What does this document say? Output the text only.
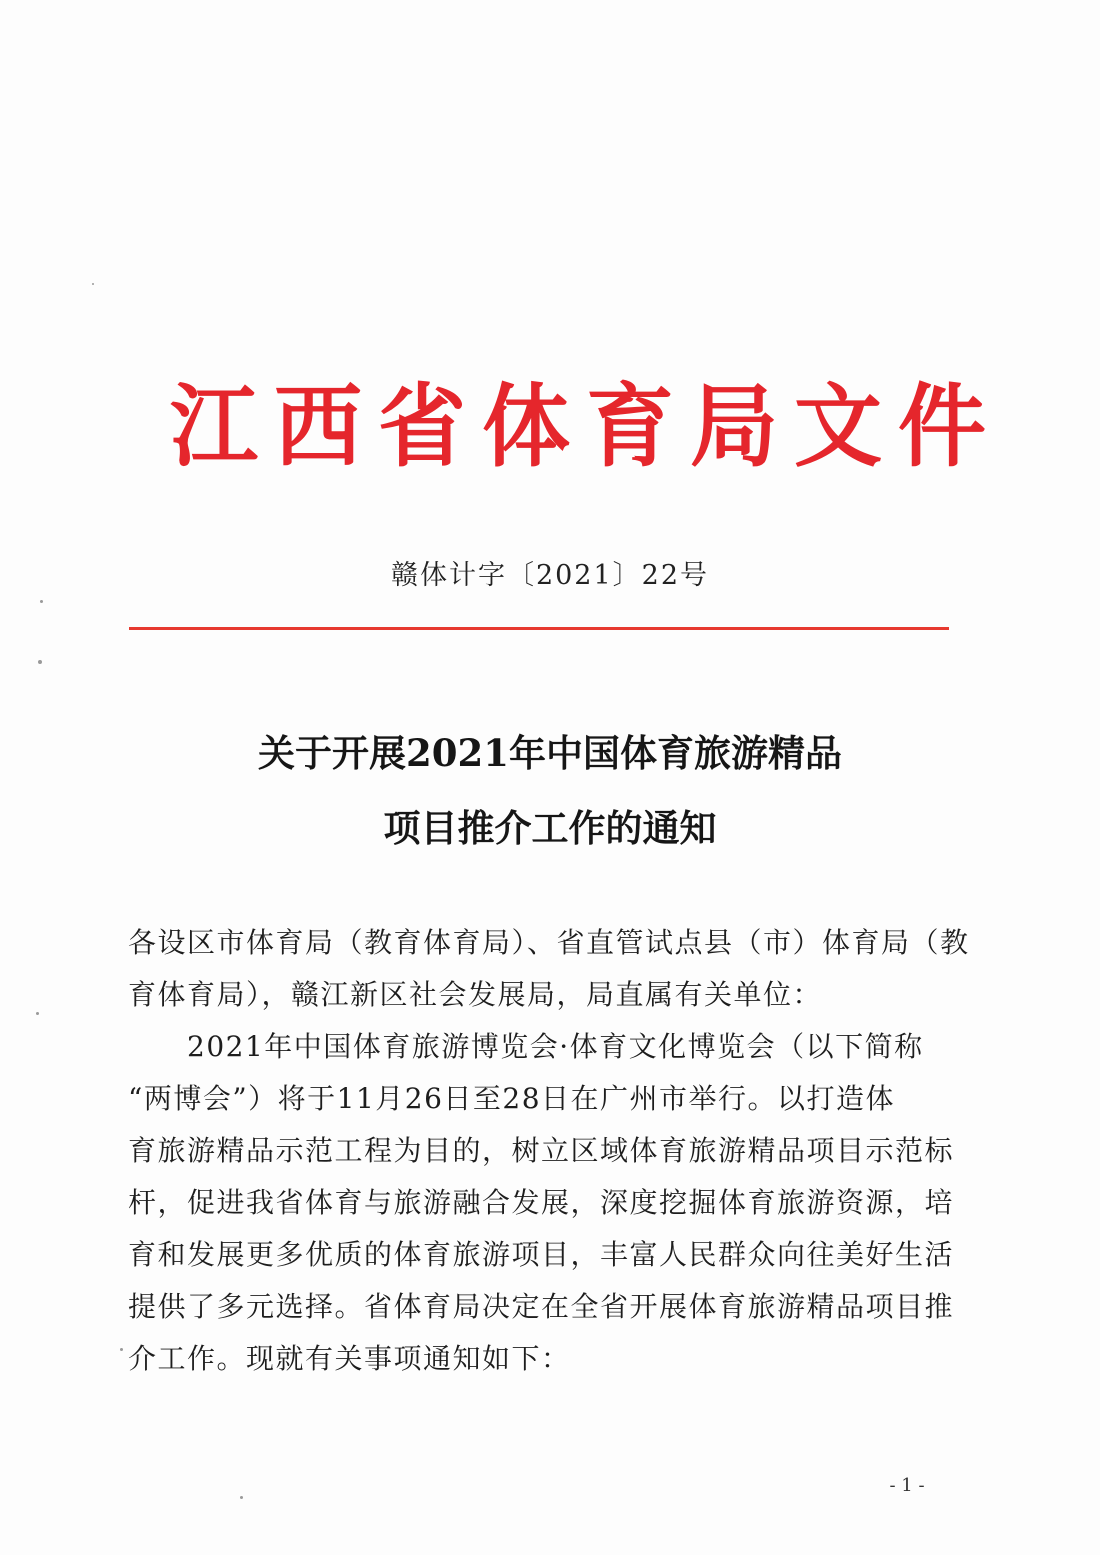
江西省体育局文件
赣体计字〔2021〕22号
关于开展2021年中国体育旅游精品
项目推介工作的通知
各设区市体育局（教育体育局）、省直管试点县（市）体育局（教
育体育局），赣江新区社会发展局，局直属有关单位：
　　2021年中国体育旅游博览会·体育文化博览会（以下简称
“两博会”）将于11月26日至28日在广州市举行。以打造体
育旅游精品示范工程为目的，树立区域体育旅游精品项目示范标
杆，促进我省体育与旅游融合发展，深度挖掘体育旅游资源，培
育和发展更多优质的体育旅游项目，丰富人民群众向往美好生活
提供了多元选择。省体育局决定在全省开展体育旅游精品项目推
介工作。现就有关事项通知如下：
- 1 -
